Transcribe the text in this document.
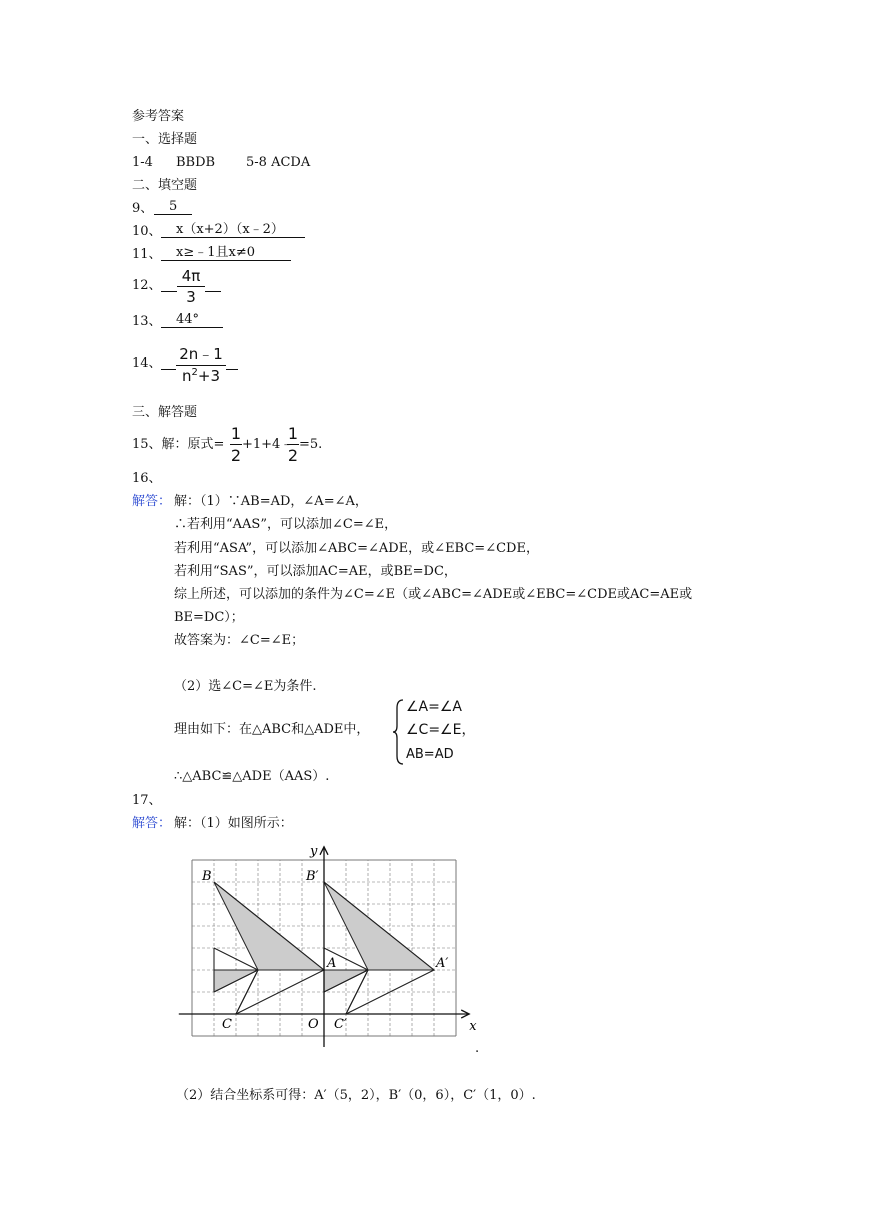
参考答案
一、选择题
1-4 BBDB 5-8 ACDA
二、填空题
9、 5
10、 x（x+2）（x﹣2）
11、 x≥﹣1且x≠0
12、
4π
3
13、 44°
14、
2n﹣1
$n^2+3$
三、解答题
15、解：原式=
1
2
+1+4﹣
1
2
=5.
16、
解答： 解：（1）∵AB=AD，∠A=∠A，
∴若利用“AAS”，可以添加∠C=∠E，
若利用“ASA”，可以添加∠ABC=∠ADE，或∠EBC=∠CDE，
若利用“SAS”，可以添加AC=AE，或BE=DC，
综上所述，可以添加的条件为∠C=∠E（或∠ABC=∠ADE或∠EBC=∠CDE或AC=AE或
BE=DC）；
故答案为：∠C=∠E；
（2）选∠C=∠E为条件.
理由如下：在△ABC和△ADE中，
∠A=∠A
∠C=∠E，
AB=AD
∴△ABC≌△ADE（AAS）.
17、
解答： 解：（1）如图所示：
B	B′
A	A′
C	C′
O	x
y
.
（2）结合坐标系可得：A′（5，2），B′（0，6），C′（1，0）.
